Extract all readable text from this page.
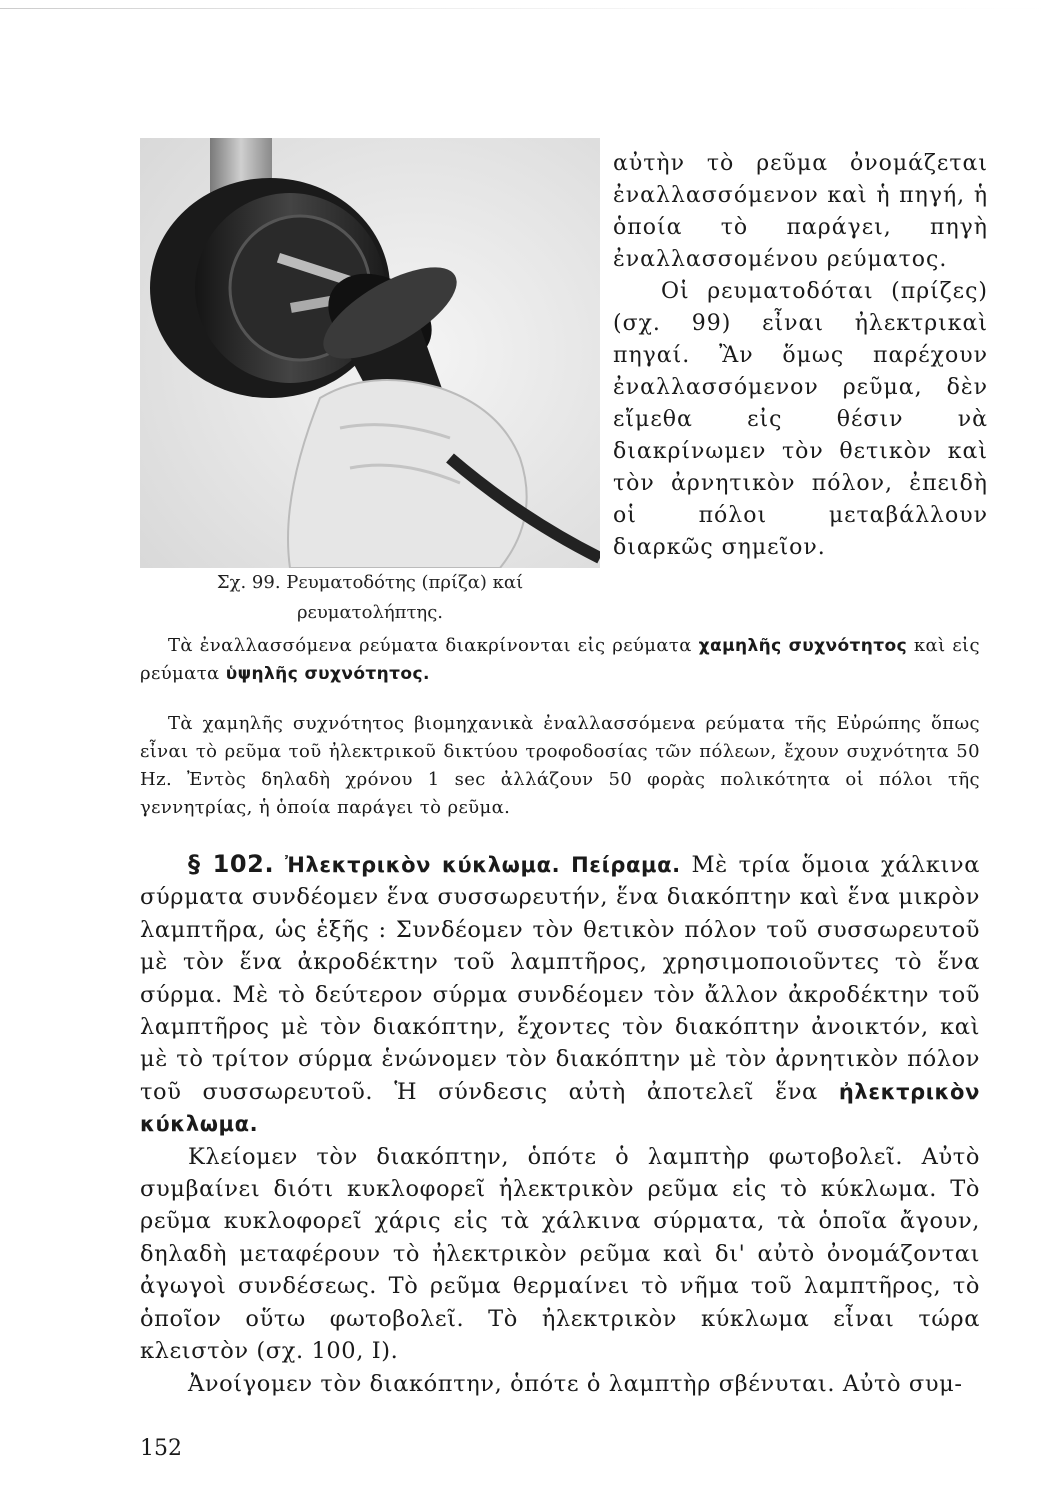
Σχ. 99. Ρευματοδότης (πρίζα) καί
ρευματολήπτης.

αὐτὴν τὸ ρεῦμα ὀνομάζεται ἐναλλασσόμενον καὶ ἡ πηγή, ἡ ὁποία τὸ παράγει, πηγὴ ἐναλλασσομένου ρεύματος.

Οἱ ρευματοδόται (πρίζες) (σχ. 99) εἶναι ἠλεκτρικαὶ πηγαί. Ἂν ὅμως παρέχουν ἐναλλασσόμενον ρεῦμα, δὲν εἴμεθα εἰς θέσιν νὰ διακρίνωμεν τὸν θετικὸν καὶ τὸν ἀρνητικὸν πόλον, ἐπειδὴ οἱ πόλοι μεταβάλλουν διαρκῶς σημεῖον.

Τὰ ἐναλλασσόμενα ρεύματα διακρίνονται εἰς ρεύματα χαμηλῆς συχνότητος καὶ εἰς ρεύματα ὑψηλῆς συχνότητος.

Τὰ χαμηλῆς συχνότητος βιομηχανικὰ ἐναλλασσόμενα ρεύματα τῆς Εὐρώπης ὅπως εἶναι τὸ ρεῦμα τοῦ ἠλεκτρικοῦ δικτύου τροφοδοσίας τῶν πόλεων, ἔχουν συχνότητα 50 Hz. Ἐντὸς δηλαδὴ χρόνου 1 sec ἀλλάζουν 50 φορὰς πολικότητα οἱ πόλοι τῆς γεννητρίας, ἡ ὁποία παράγει τὸ ρεῦμα.

§ 102. Ἠλεκτρικὸν κύκλωμα. Πείραμα. Μὲ τρία ὅμοια χάλκινα σύρματα συνδέομεν ἕνα συσσωρευτήν, ἕνα διακόπτην καὶ ἕνα μικρὸν λαμπτῆρα, ὡς ἑξῆς : Συνδέομεν τὸν θετικὸν πόλον τοῦ συσσωρευτοῦ μὲ τὸν ἕνα ἀκροδέκτην τοῦ λαμπτῆρος, χρησιμοποιοῦντες τὸ ἕνα σύρμα. Μὲ τὸ δεύτερον σύρμα συνδέομεν τὸν ἄλλον ἀκροδέκτην τοῦ λαμπτῆρος μὲ τὸν διακόπτην, ἔχοντες τὸν διακόπτην ἀνοικτόν, καὶ μὲ τὸ τρίτον σύρμα ἑνώνομεν τὸν διακόπτην μὲ τὸν ἀρνητικὸν πόλον τοῦ συσσωρευτοῦ. Ἡ σύνδεσις αὐτὴ ἀποτελεῖ ἕνα ἠλεκτρικὸν κύκλωμα.

Κλείομεν τὸν διακόπτην, ὁπότε ὁ λαμπτὴρ φωτοβολεῖ. Αὐτὸ συμβαίνει διότι κυκλοφορεῖ ἠλεκτρικὸν ρεῦμα εἰς τὸ κύκλωμα. Τὸ ρεῦμα κυκλοφορεῖ χάρις εἰς τὰ χάλκινα σύρματα, τὰ ὁποῖα ἄγουν, δηλαδὴ μεταφέρουν τὸ ἠλεκτρικὸν ρεῦμα καὶ δι' αὐτὸ ὀνομάζονται ἀγωγοὶ συνδέσεως. Τὸ ρεῦμα θερμαίνει τὸ νῆμα τοῦ λαμπτῆρος, τὸ ὁποῖον οὕτω φωτοβολεῖ. Τὸ ἠλεκτρικὸν κύκλωμα εἶναι τώρα κλειστὸν (σχ. 100, I).

Ἀνοίγομεν τὸν διακόπτην, ὁπότε ὁ λαμπτὴρ σβένυται. Αὐτὸ συμ-

152
